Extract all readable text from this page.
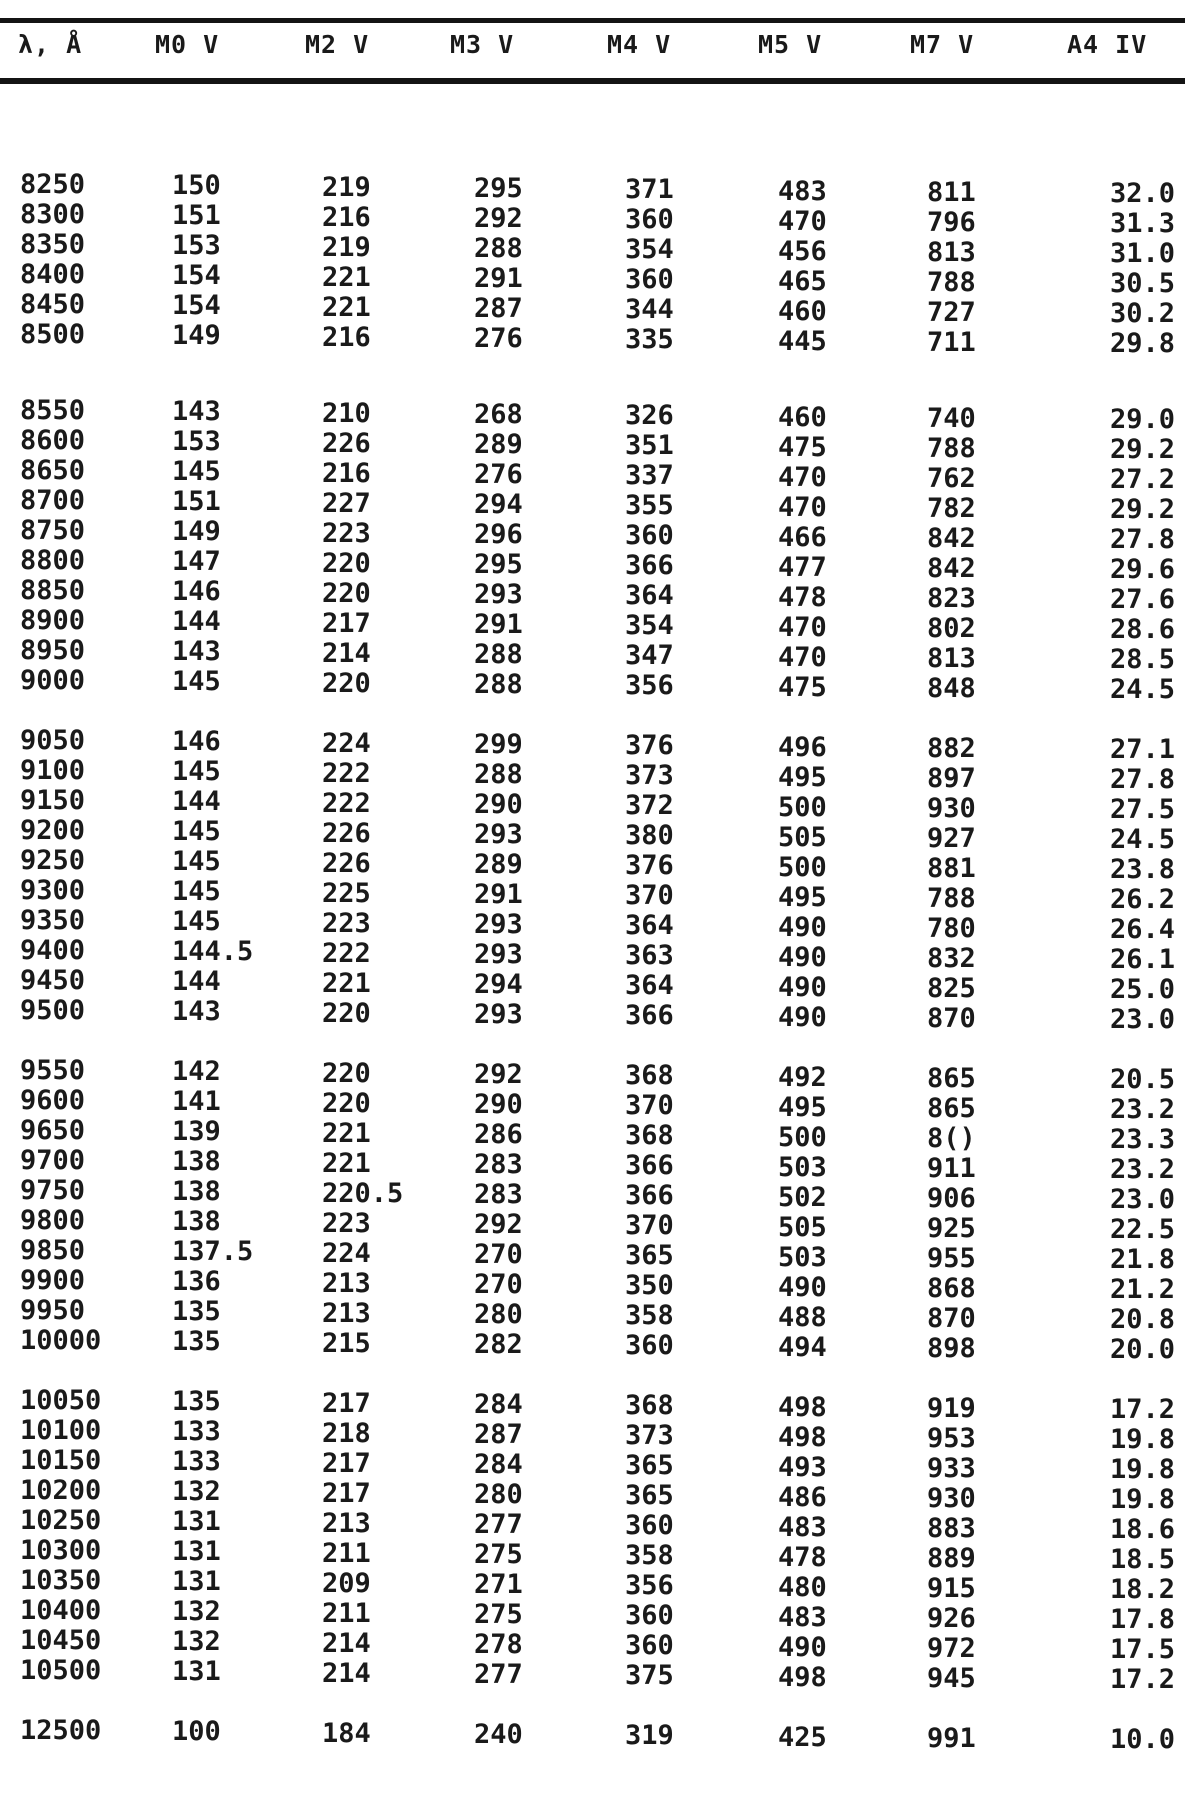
λ, Å	M0 V	M2 V	M3 V	M4 V	M5 V	M7 V	A4 IV
8250	150	219	295	371	483	811	32.0
8300	151	216	292	360	470	796	31.3
8350	153	219	288	354	456	813	31.0
8400	154	221	291	360	465	788	30.5
8450	154	221	287	344	460	727	30.2
8500	149	216	276	335	445	711	29.8
8550	143	210	268	326	460	740	29.0
8600	153	226	289	351	475	788	29.2
8650	145	216	276	337	470	762	27.2
8700	151	227	294	355	470	782	29.2
8750	149	223	296	360	466	842	27.8
8800	147	220	295	366	477	842	29.6
8850	146	220	293	364	478	823	27.6
8900	144	217	291	354	470	802	28.6
8950	143	214	288	347	470	813	28.5
9000	145	220	288	356	475	848	24.5
9050	146	224	299	376	496	882	27.1
9100	145	222	288	373	495	897	27.8
9150	144	222	290	372	500	930	27.5
9200	145	226	293	380	505	927	24.5
9250	145	226	289	376	500	881	23.8
9300	145	225	291	370	495	788	26.2
9350	145	223	293	364	490	780	26.4
9400	144.5	222	293	363	490	832	26.1
9450	144	221	294	364	490	825	25.0
9500	143	220	293	366	490	870	23.0
9550	142	220	292	368	492	865	20.5
9600	141	220	290	370	495	865	23.2
9650	139	221	286	368	500	8()	23.3
9700	138	221	283	366	503	911	23.2
9750	138	220.5	283	366	502	906	23.0
9800	138	223	292	370	505	925	22.5
9850	137.5	224	270	365	503	955	21.8
9900	136	213	270	350	490	868	21.2
9950	135	213	280	358	488	870	20.8
10000	135	215	282	360	494	898	20.0
10050	135	217	284	368	498	919	17.2
10100	133	218	287	373	498	953	19.8
10150	133	217	284	365	493	933	19.8
10200	132	217	280	365	486	930	19.8
10250	131	213	277	360	483	883	18.6
10300	131	211	275	358	478	889	18.5
10350	131	209	271	356	480	915	18.2
10400	132	211	275	360	483	926	17.8
10450	132	214	278	360	490	972	17.5
10500	131	214	277	375	498	945	17.2
12500	100	184	240	319	425	991	10.0
